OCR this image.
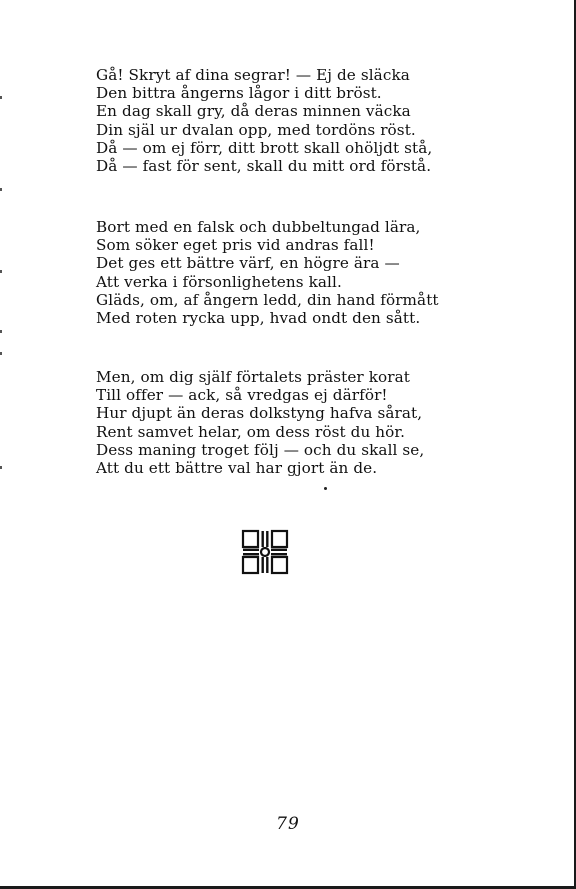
Gå! Skryt af dina segrar! — Ej de släcka
Den bittra ångerns lågor i ditt bröst.
En dag skall gry, då deras minnen väcka
Din själ ur dvalan opp, med tordöns röst.
Då — om ej förr, ditt brott skall ohöljdt stå,
Då — fast för sent, skall du mitt ord förstå.
Bort med en falsk och dubbeltungad lära,
Som söker eget pris vid andras fall!
Det ges ett bättre värf, en högre ära —
Att verka i försonlighetens kall.
Gläds, om, af ångern ledd, din hand förmått
Med roten rycka upp, hvad ondt den sått.
Men, om dig själf förtalets präster korat
Till offer — ack, så vredgas ej därför!
Hur djupt än deras dolkstyng hafva sårat,
Rent samvet helar, om dess röst du hör.
Dess maning troget följ — och du skall se,
Att du ett bättre val har gjort än de.
79
